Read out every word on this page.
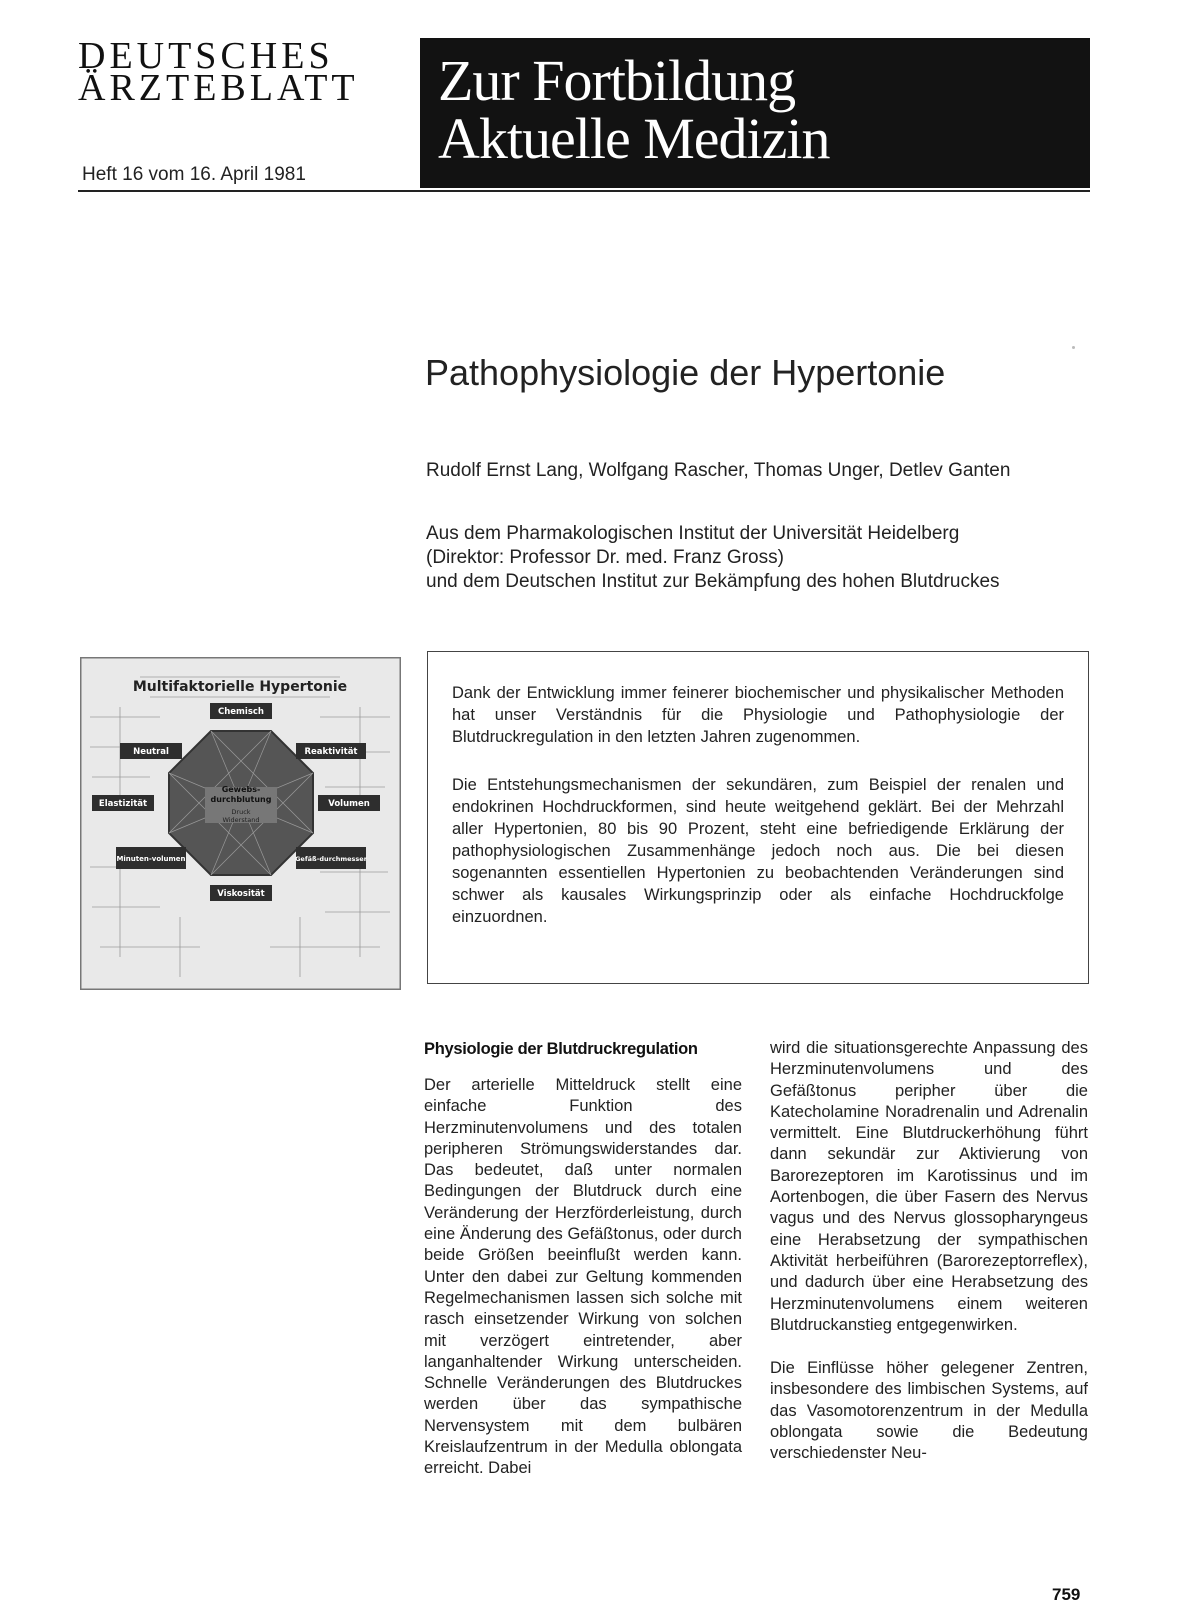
DEUTSCHES
ÄRZTEBLATT
Heft 16 vom 16. April 1981
Zur Fortbildung
Aktuelle Medizin
Pathophysiologie der Hypertonie
Rudolf Ernst Lang, Wolfgang Rascher, Thomas Unger, Detlev Ganten
Aus dem Pharmakologischen Institut der Universität Heidelberg
(Direktor: Professor Dr. med. Franz Gross)
und dem Deutschen Institut zur Bekämpfung des hohen Blutdruckes
Multifaktorielle Hypertonie
Gewebs-
durchblutung
Druck
Widerstand
Chemisch
Reaktivität
Volumen
Gefäß-durchmesser
Viskosität
Minuten-volumen
Elastizität
Neutral

Dank der Entwicklung immer feinerer biochemischer und physikalischer Methoden hat unser Verständnis für die Physiologie und Pathophysiologie der Blutdruckregulation in den letzten Jahren zugenommen.

Die Entstehungsmechanismen der sekundären, zum Beispiel der renalen und endokrinen Hochdruckformen, sind heute weitgehend geklärt. Bei der Mehrzahl aller Hypertonien, 80 bis 90 Prozent, steht eine befriedigende Erklärung der pathophysiologischen Zusammenhänge jedoch noch aus. Die bei diesen sogenannten essentiellen Hypertonien zu beobachtenden Veränderungen sind schwer als kausales Wirkungsprinzip oder als einfache Hochdruckfolge einzuordnen.

Physiologie der Blutdruckregulation

Der arterielle Mitteldruck stellt eine einfache Funktion des Herzminutenvolumens und des totalen peripheren Strömungswiderstandes dar. Das bedeutet, daß unter normalen Bedingungen der Blutdruck durch eine Veränderung der Herzförderleistung, durch eine Änderung des Gefäßtonus, oder durch beide Größen beeinflußt werden kann. Unter den dabei zur Geltung kommenden Regelmechanismen lassen sich solche mit rasch einsetzender Wirkung von solchen mit verzögert eintretender, aber langanhaltender Wirkung unterscheiden. Schnelle Veränderungen des Blutdruckes werden über das sympathische Nervensystem mit dem bulbären Kreislaufzentrum in der Medulla oblongata erreicht. Dabei

wird die situationsgerechte Anpassung des Herzminutenvolumens und des Gefäßtonus peripher über die Katecholamine Noradrenalin und Adrenalin vermittelt. Eine Blutdruckerhöhung führt dann sekundär zur Aktivierung von Barorezeptoren im Karotissinus und im Aortenbogen, die über Fasern des Nervus vagus und des Nervus glossopharyngeus eine Herabsetzung der sympathischen Aktivität herbeiführen (Barorezeptorreflex), und dadurch über eine Herabsetzung des Herzminutenvolumens einem weiteren Blutdruckanstieg entgegenwirken.

Die Einflüsse höher gelegener Zentren, insbesondere des limbischen Systems, auf das Vasomotorenzentrum in der Medulla oblongata sowie die Bedeutung verschiedenster Neu-

759
